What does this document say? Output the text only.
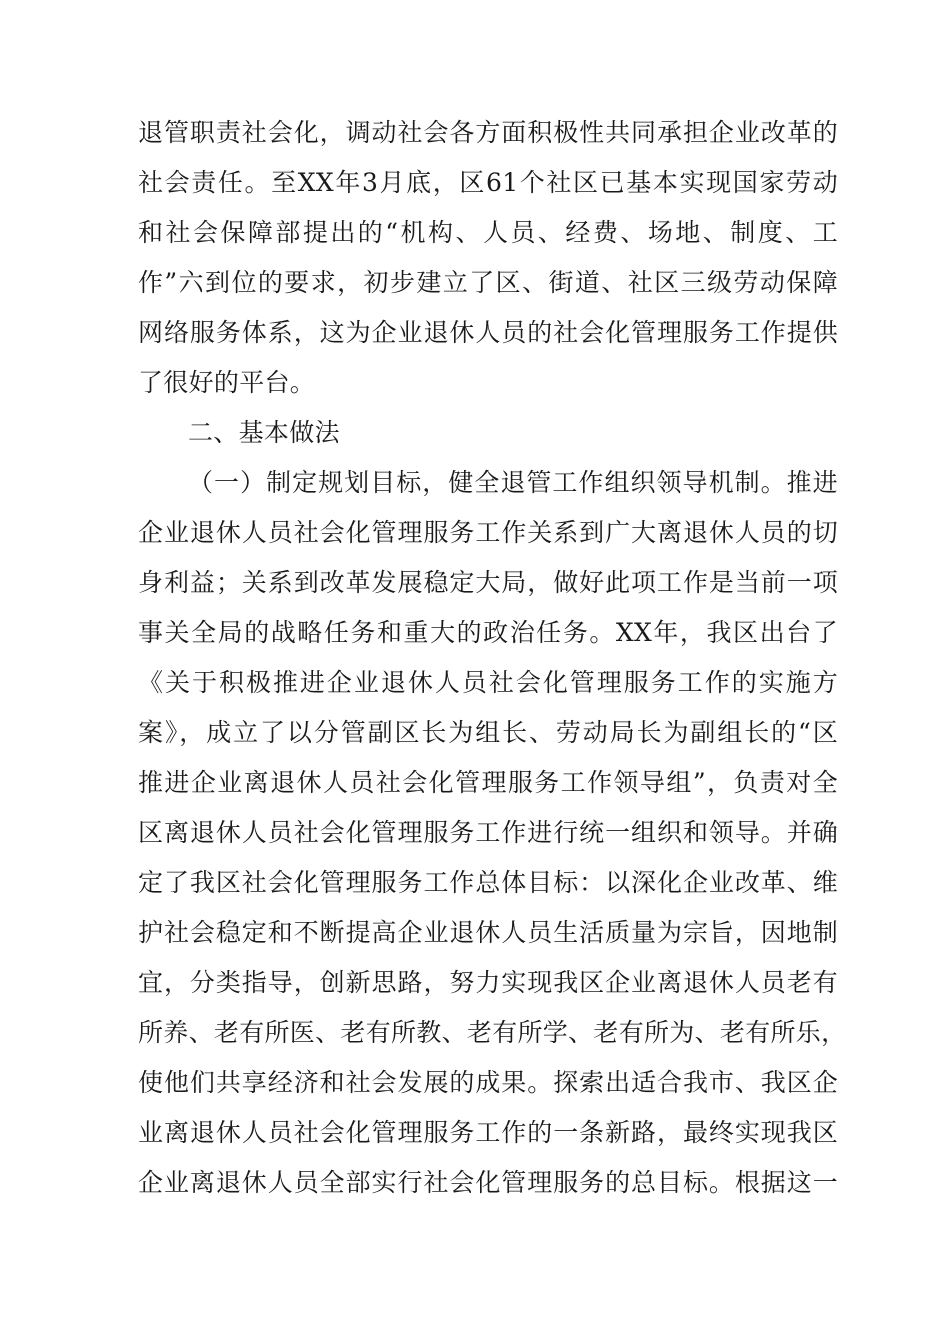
退管职责社会化，调动社会各方面积极性共同承担企业改革的
社会责任。至XX年3月底，区61个社区已基本实现国家劳动
和社会保障部提出的“机构、人员、经费、场地、制度、工
作”六到位的要求，初步建立了区、街道、社区三级劳动保障
网络服务体系，这为企业退休人员的社会化管理服务工作提供
了很好的平台。
二、基本做法
（一）制定规划目标，健全退管工作组织领导机制。推进
企业退休人员社会化管理服务工作关系到广大离退休人员的切
身利益；关系到改革发展稳定大局，做好此项工作是当前一项
事关全局的战略任务和重大的政治任务。XX年，我区出台了
《关于积极推进企业退休人员社会化管理服务工作的实施方
案》，成立了以分管副区长为组长、劳动局长为副组长的“区
推进企业离退休人员社会化管理服务工作领导组”，负责对全
区离退休人员社会化管理服务工作进行统一组织和领导。并确
定了我区社会化管理服务工作总体目标：以深化企业改革、维
护社会稳定和不断提高企业退休人员生活质量为宗旨，因地制
宜，分类指导，创新思路，努力实现我区企业离退休人员老有
所养、老有所医、老有所教、老有所学、老有所为、老有所乐，
使他们共享经济和社会发展的成果。探索出适合我市、我区企
业离退休人员社会化管理服务工作的一条新路，最终实现我区
企业离退休人员全部实行社会化管理服务的总目标。根据这一
